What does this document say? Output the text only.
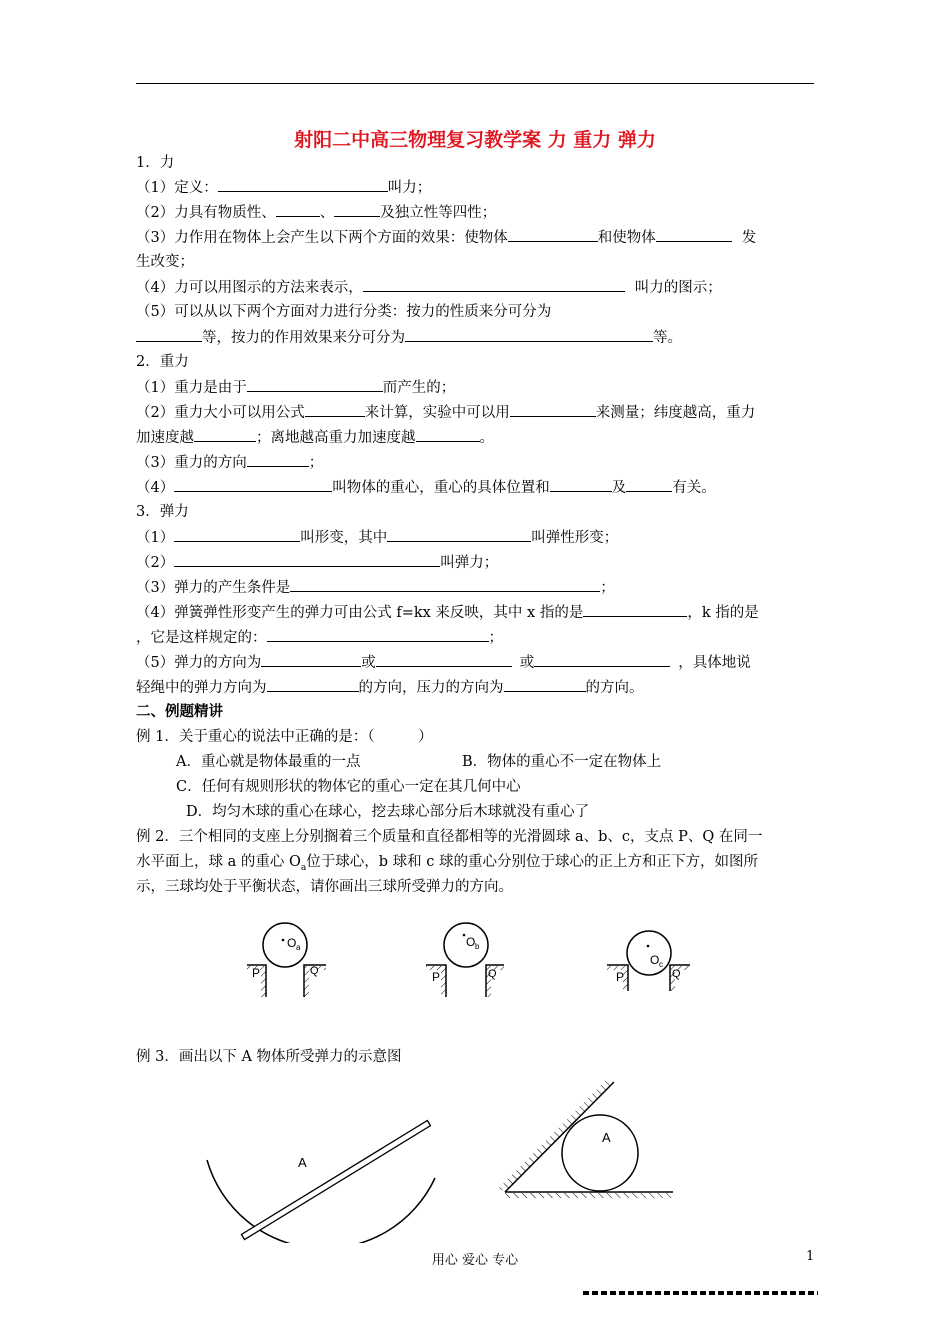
射阳二中高三物理复习教学案 力 重力 弹力
1．力
（1）定义：	叫力；
（2）力具有物质性、	、	及独立性等四性；
（3）力作用在物体上会产生以下两个方面的效果：使物体	和使物体	发
生改变；
（4）力可以用图示的方法来表示，	叫力的图示；
（5）可以从以下两个方面对力进行分类：按力的性质来分可分为
等，按力的作用效果来分可分为	等。
2．重力
（1）重力是由于	而产生的；
（2）重力大小可以用公式	来计算，实验中可以用	来测量；纬度越高，重力
加速度越	；离地越高重力加速度越	。
（3）重力的方向	；
（4）	叫物体的重心，重心的具体位置和	及	有关。
3．弹力
（1）	叫形变，其中	叫弹性形变；
（2）	叫弹力；
（3）弹力的产生条件是	；
（4）弹簧弹性形变产生的弹力可由公式 f=kx 来反映，其中 x 指的是	，k 指的是
，它是这样规定的：	；
（5）弹力的方向为	或	或	，具体地说
轻绳中的弹力方向为	的方向，压力的方向为	的方向。
二、例题精讲
例 1．关于重心的说法中正确的是：（　　　）
A．重心就是物体最重的一点	B．物体的重心不一定在物体上
C．任何有规则形状的物体它的重心一定在其几何中心
D．均匀木球的重心在球心，挖去球心部分后木球就没有重心了
例 2．三个相同的支座上分别搁着三个质量和直径都相等的光滑圆球 a、b、c，支点 P、Q 在同一
水平面上，球 a 的重心 $O_a$位于球心，b 球和 c 球的重心分别位于球心的正上方和正下方，如图所
示，三球均处于平衡状态，请你画出三球所受弹力的方向。
O a
P	Q
O b
P	Q
O c
P	Q
例 3．画出以下 A 物体所受弹力的示意图
A
A
用心 爱心 专心	1
